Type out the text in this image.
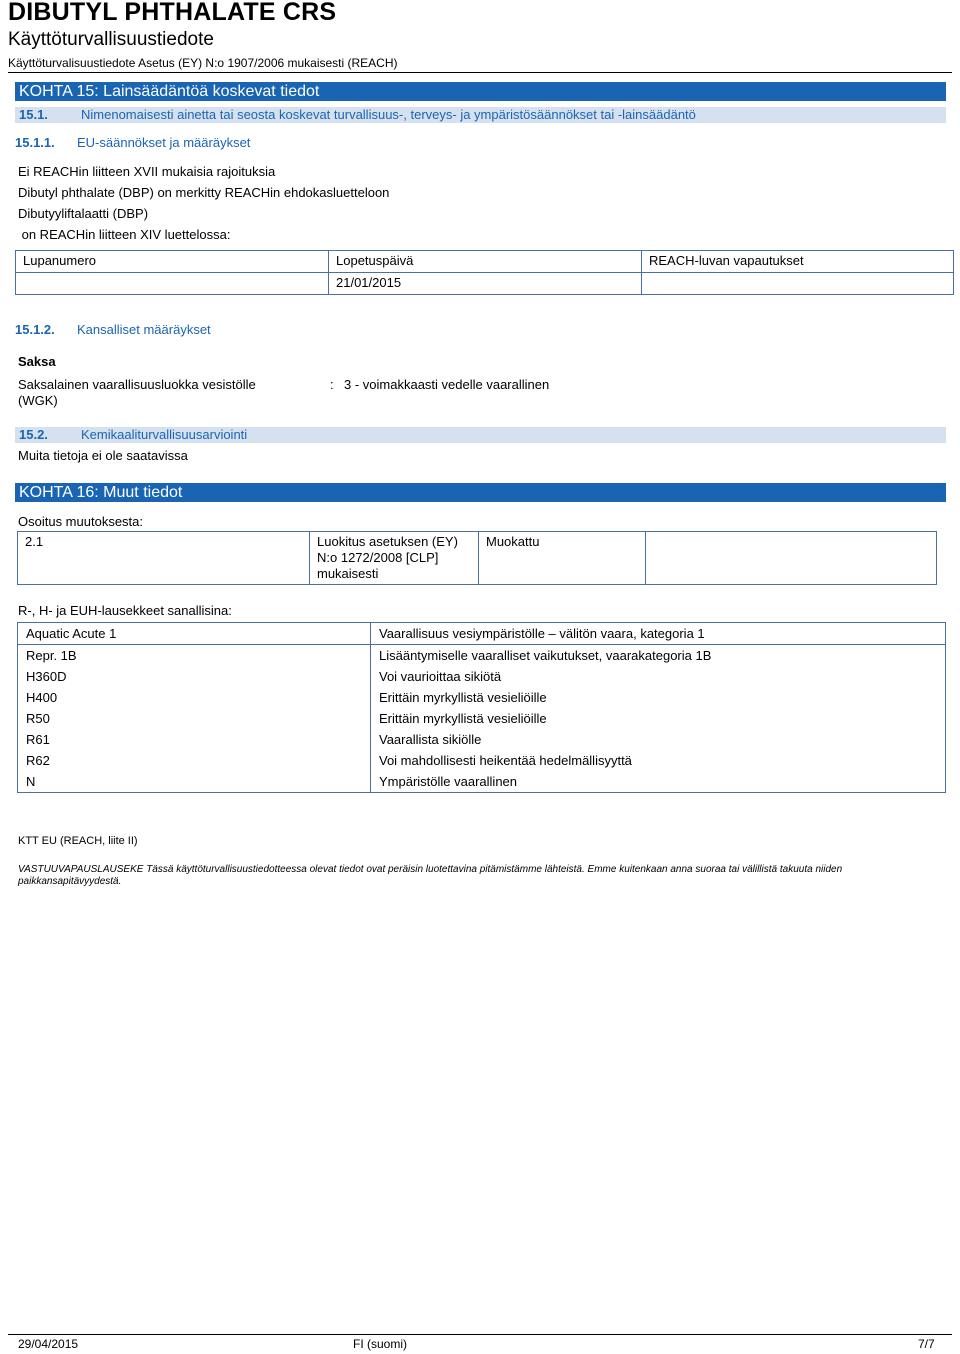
DIBUTYL PHTHALATE CRS
Käyttöturvallisuustiedote
Käyttöturvalisuustiedote Asetus (EY) N:o 1907/2006 mukaisesti (REACH)
KOHTA 15: Lainsäädäntöä koskevat tiedot
15.1.	Nimenomaisesti ainetta tai seosta koskevat turvallisuus-, terveys- ja ympäristösäännökset tai -lainsäädäntö
15.1.1. EU-säännökset ja määräykset
Ei REACHin liitteen XVII mukaisia rajoituksia
Dibutyl phthalate (DBP) on merkitty REACHin ehdokasluetteloon
Dibutyyliftalaatti (DBP)
on REACHin liitteen XIV luettelossa:
Lupanumero	Lopetuspäivä	REACH-luvan vapautukset
	21/01/2015	
15.1.2. Kansalliset määräykset
Saksa
Saksalainen vaarallisuusluokka vesistölle (WGK)
: 3 - voimakkaasti vedelle vaarallinen
15.2.	Kemikaaliturvallisuusarviointi
Muita tietoja ei ole saatavissa
KOHTA 16: Muut tiedot
Osoitus muutoksesta:
2.1	Luokitus asetuksen (EY) N:o 1272/2008 [CLP] mukaisesti	Muokattu	
R-, H- ja EUH-lausekkeet sanallisina:
Aquatic Acute 1	Vaarallisuus vesiympäristölle – välitön vaara, kategoria 1
Repr. 1B	Lisääntymiselle vaaralliset vaikutukset, vaarakategoria 1B
H360D	Voi vaurioittaa sikiötä
H400	Erittäin myrkyllistä vesieliöille
R50	Erittäin myrkyllistä vesieliöille
R61	Vaarallista sikiölle
R62	Voi mahdollisesti heikentää hedelmällisyyttä
N	Ympäristölle vaarallinen
KTT EU (REACH, liite II)
VASTUUVAPAUSLAUSEKE Tässä käyttöturvallisuustiedotteessa olevat tiedot ovat peräisin luotettavina pitämistämme lähteistä. Emme kuitenkaan anna suoraa tai välillistä takuuta niiden paikkansapitävyydestä.
29/04/2015	FI (suomi)	7/7
